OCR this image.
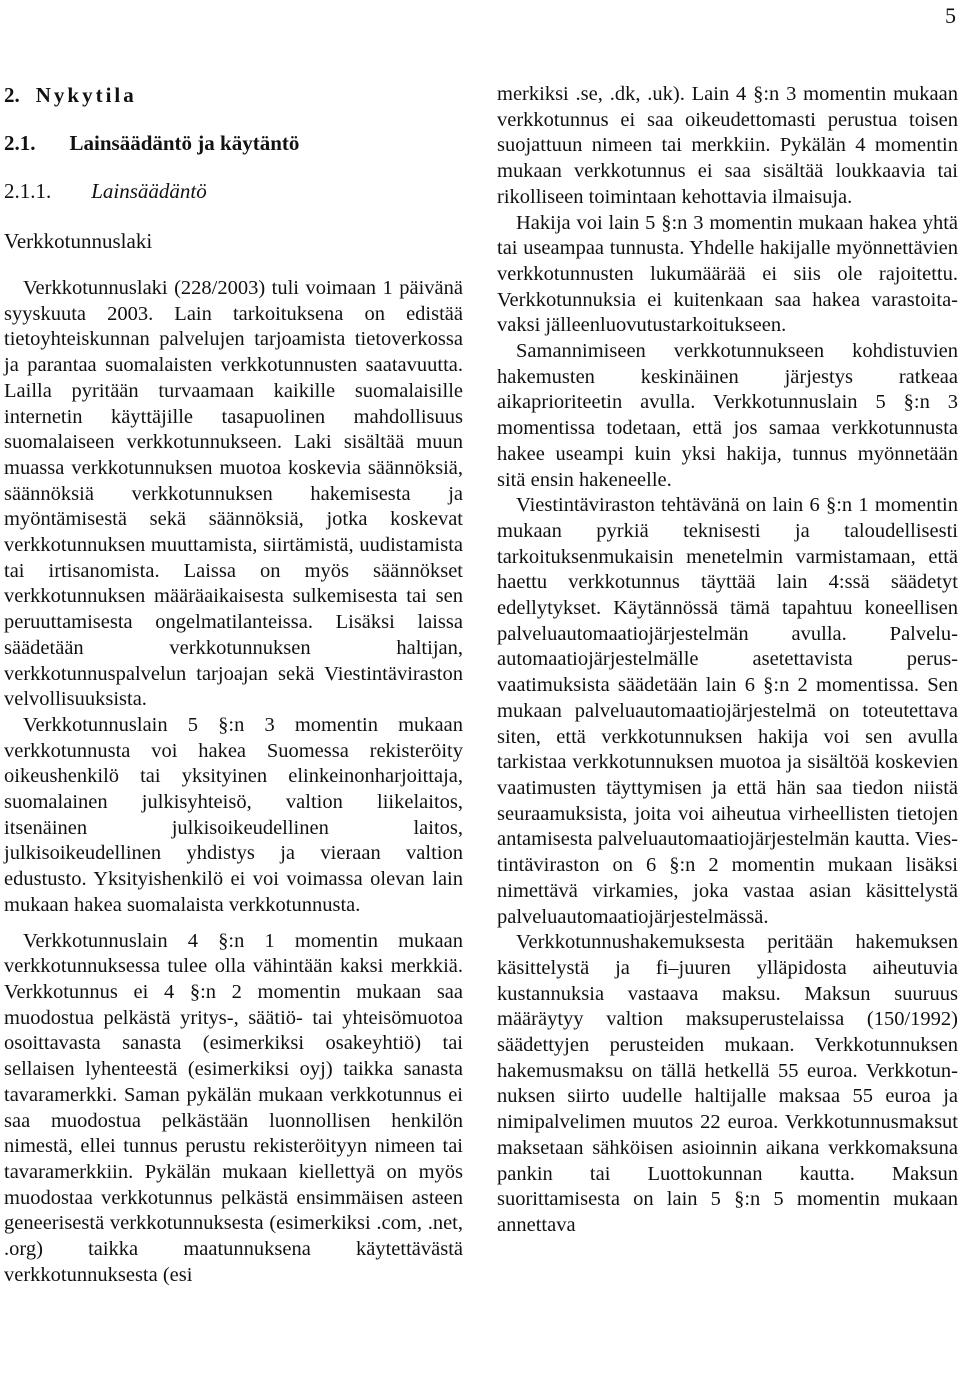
5
2. Nykytila
2.1. Lainsäädäntö ja käytäntö
2.1.1. Lainsäädäntö
Verkkotunnuslaki

Verkkotunnuslaki (228/2003) tuli voimaan 1 päivänä syyskuuta 2003. Lain tarkoituksena on edistää tietoyhteiskunnan palvelujen tarjoamista tietoverkossa ja parantaa suomalaisten verkkotunnusten saatavuutta. Lailla pyritään turvaamaan kaikille suomalaisille internetin käyttäjille tasapuolinen mahdollisuus suomalaiseen verkkotunnukseen. Laki sisältää muun muassa verkkotunnuksen muotoa koskevia säännöksiä, säännöksiä verkkotunnuksen hakemisesta ja myöntämisestä sekä säännöksiä, jotka koskevat verkkotunnuksen muuttamista, siirtämistä, uudistamista tai irtisanomista. Laissa on myös säännökset verkkotunnuksen määräaikaisesta sulkemisesta tai sen peruuttamisesta ongelmatilanteissa. Lisäksi laissa säädetään verkkotunnuksen haltijan, verkkotunnuspalvelun tarjoajan sekä Viestintäviraston velvollisuuksista.

Verkkotunnuslain 5 §:n 3 momentin mukaan verkkotunnusta voi hakea Suomessa rekisteröity oikeushenkilö tai yksityinen elinkeinonharjoittaja, suomalainen julkisyhteisö, valtion liikelaitos, itsenäinen julkisoikeudellinen laitos, julkisoikeudellinen yhdistys ja vieraan valtion edustusto. Yksityishenkilö ei voi voimassa olevan lain mukaan hakea suomalaista verkkotunnusta.

Verkkotunnuslain 4 §:n 1 momentin mukaan verkkotunnuksessa tulee olla vähintään kaksi merkkiä. Verkkotunnus ei 4 §:n 2 momentin mukaan saa muodostua pelkästä yritys-, säätiö- tai yhteisömuotoa osoittavasta sanasta (esimerkiksi osakeyhtiö) tai sellaisen lyhenteestä (esimerkiksi oyj) taikka sanasta tavaramerkki. Saman pykälän mukaan verkkotunnus ei saa muodostua pelkästään luonnollisen henkilön nimestä, ellei tunnus perustu rekisteröityyn nimeen tai tavaramerkkiin. Pykälän mukaan kiellettyä on myös muodostaa verkkotunnus pelkästä ensimmäisen asteen geneerisestä verkkotunnuksesta (esimerkiksi .com, .net, .org) taikka maatunnuksena käytettävästä verkkotunnuksesta (esi

merkiksi .se, .dk, .uk). Lain 4 §:n 3 momentin mukaan verkkotunnus ei saa oikeudettomasti perustua toisen suojattuun nimeen tai merkkiin. Pykälän 4 momentin mukaan verkkotunnus ei saa sisältää loukkaavia tai rikolliseen toimintaan kehottavia ilmaisuja.

Hakija voi lain 5 §:n 3 momentin mukaan hakea yhtä tai useampaa tunnusta. Yhdelle hakijalle myönnettävien verkkotunnusten lukumäärää ei siis ole rajoitettu. Verkkotunnuksia ei kuitenkaan saa hakea varastoitavaksi jälleenluovutustarkoitukseen.

Samannimiseen verkkotunnukseen kohdistuvien hakemusten keskinäinen järjestys ratkeaa aikaprioriteetin avulla. Verkkotunnuslain 5 §:n 3 momentissa todetaan, että jos samaa verkkotunnusta hakee useampi kuin yksi hakija, tunnus myönnetään sitä ensin hakeneelle.

Viestintäviraston tehtävänä on lain 6 §:n 1 momentin mukaan pyrkiä teknisesti ja taloudellisesti tarkoituksenmukaisin menetelmin varmistamaan, että haettu verkkotunnus täyttää lain 4:ssä säädetyt edellytykset. Käytännössä tämä tapahtuu koneellisen palveluautomaatiojärjestelmän avulla. Palveluautomaatiojärjestelmälle asetettavista perusvaatimuksista säädetään lain 6 §:n 2 momentissa. Sen mukaan palveluautomaatiojärjestelmä on toteutettava siten, että verkkotunnuksen hakija voi sen avulla tarkistaa verkkotunnuksen muotoa ja sisältöä koskevien vaatimusten täyttymisen ja että hän saa tiedon niistä seuraamuksista, joita voi aiheutua virheellisten tietojen antamisesta palveluautomaatiojärjestelmän kautta. Viestintäviraston on 6 §:n 2 momentin mukaan lisäksi nimettävä virkamies, joka vastaa asian käsittelystä palveluautomaatiojärjestelmässä.

Verkkotunnushakemuksesta peritään hakemuksen käsittelystä ja fi–juuren ylläpidosta aiheutuvia kustannuksia vastaava maksu. Maksun suuruus määräytyy valtion maksuperustelaissa (150/1992) säädettyjen perusteiden mukaan. Verkkotunnuksen hakemusmaksu on tällä hetkellä 55 euroa. Verkkotunnuksen siirto uudelle haltijalle maksaa 55 euroa ja nimipalvelimen muutos 22 euroa. Verkkotunnusmaksut maksetaan sähköisen asioinnin aikana verkkomaksuna pankin tai Luottokunnan kautta. Maksun suorittamisesta on lain 5 §:n 5 momentin mukaan annettava
